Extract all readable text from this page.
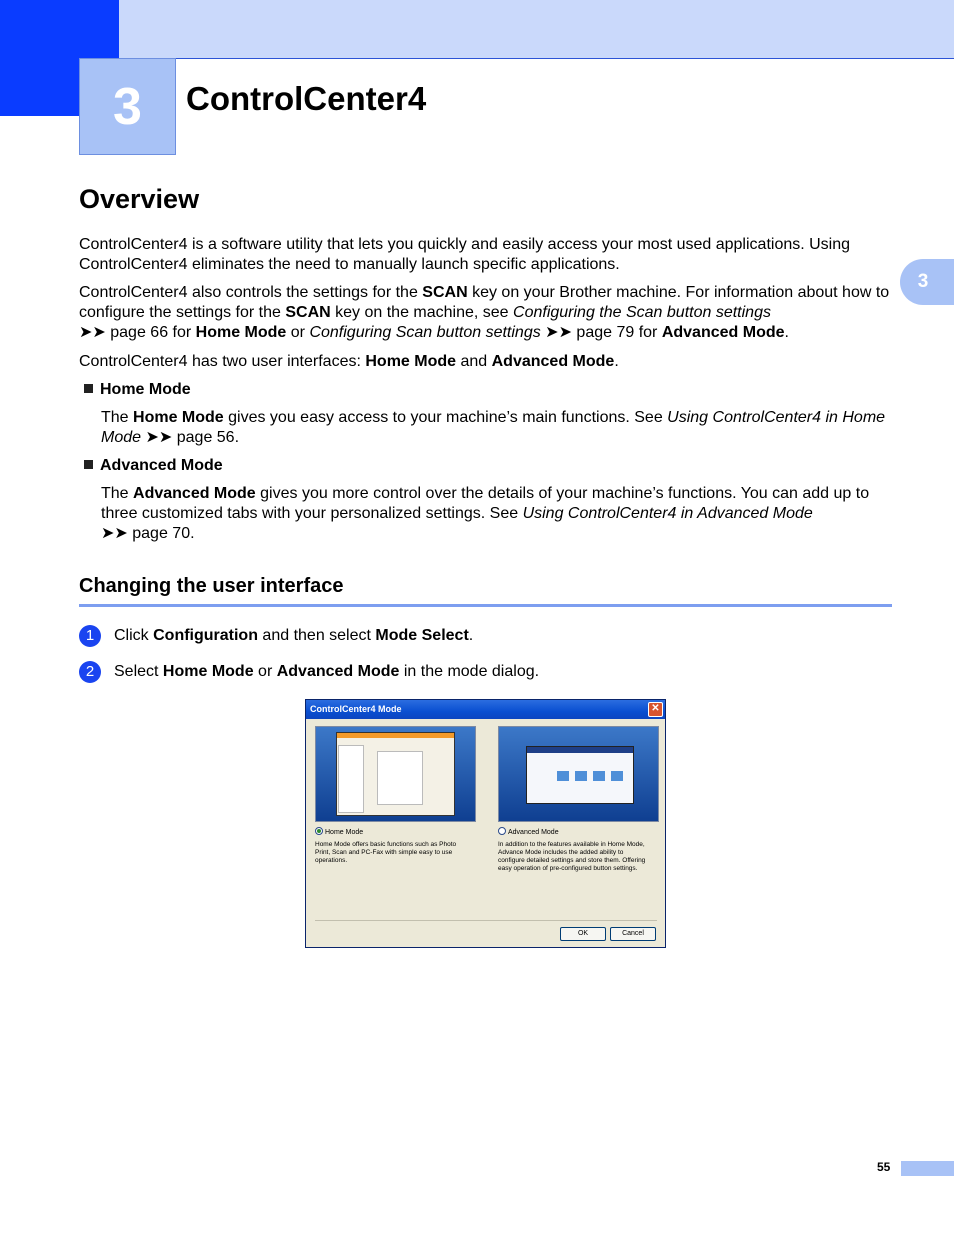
3	ControlCenter4
3
Overview

ControlCenter4 is a software utility that lets you quickly and easily access your most used applications. Using ControlCenter4 eliminates the need to manually launch specific applications.

ControlCenter4 also controls the settings for the SCAN key on your Brother machine. For information about how to configure the settings for the SCAN key on the machine, see Configuring the Scan button settings
➤➤ page 66 for Home Mode or Configuring Scan button settings ➤➤ page 79 for Advanced Mode.

ControlCenter4 has two user interfaces: Home Mode and Advanced Mode.

Home Mode

The Home Mode gives you easy access to your machine’s main functions. See Using ControlCenter4 in Home Mode ➤➤ page 56.

Advanced Mode

The Advanced Mode gives you more control over the details of your machine’s functions. You can add up to three customized tabs with your personalized settings. See Using ControlCenter4 in Advanced Mode
➤➤ page 70.

Changing the user interface
1 Click Configuration and then select Mode Select.
2 Select Home Mode or Advanced Mode in the mode dialog.
ControlCenter4 Mode	✕
Home Mode	Advanced Mode
Home Mode offers basic functions such as Photo Print, Scan and PC-Fax with simple easy to use operations.
In addition to the features available in Home Mode, Advance Mode includes the added ability to configure detailed settings and store them. Offering easy operation of pre-configured button settings.
OK	Cancel
55
